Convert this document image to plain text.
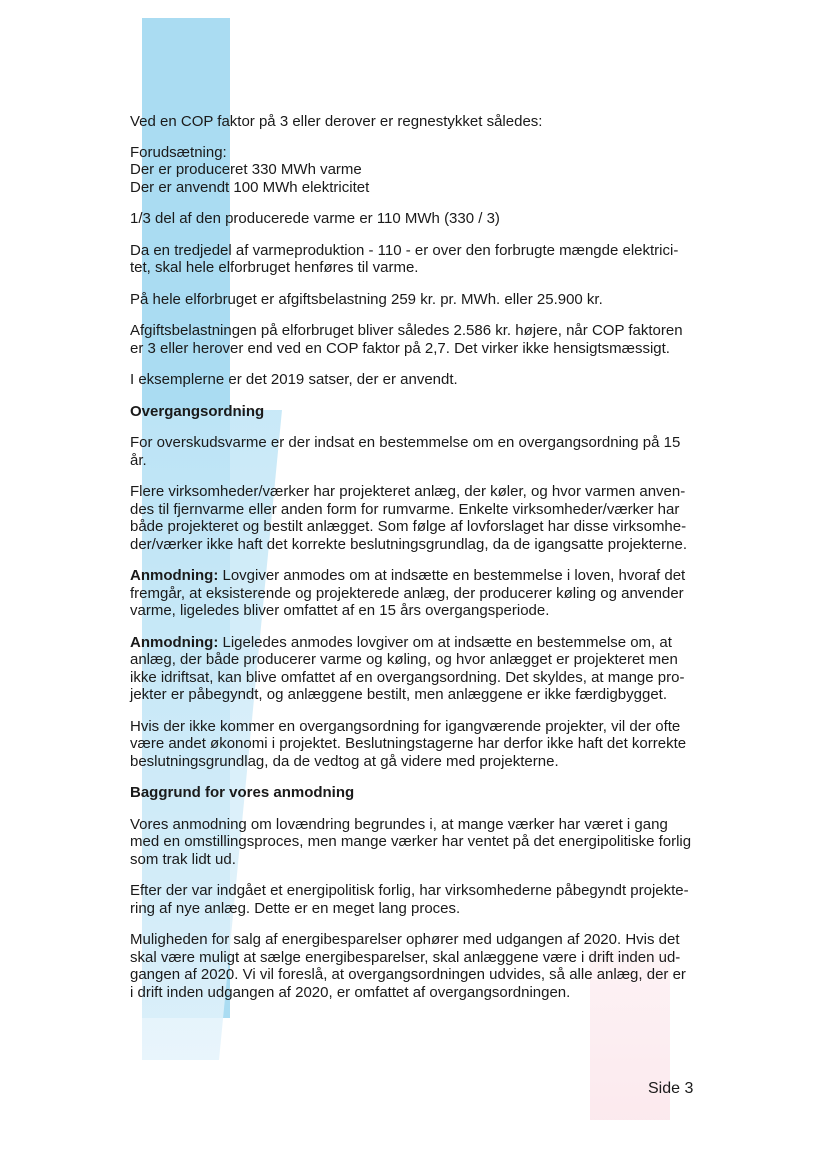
Ved en COP faktor på 3 eller derover er regnestykket således:

Forudsætning:

Der er produceret 330 MWh varme

Der er anvendt 100 MWh elektricitet

1/3 del af den producerede varme er 110 MWh (330 / 3)

Da en tredjedel af varmeproduktion - 110 - er over den forbrugte mængde elektrici-

tet, skal hele elforbruget henføres til varme.

På hele elforbruget er afgiftsbelastning 259 kr. pr. MWh. eller 25.900 kr.

Afgiftsbelastningen på elforbruget bliver således 2.586 kr. højere, når COP faktoren

er 3 eller herover end ved en COP faktor på 2,7. Det virker ikke hensigtsmæssigt.

I eksemplerne er det 2019 satser, der er anvendt.

Overgangsordning

For overskudsvarme er der indsat en bestemmelse om en overgangsordning på 15

år.

Flere virksomheder/værker har projekteret anlæg, der køler, og hvor varmen anven-

des til fjernvarme eller anden form for rumvarme. Enkelte virksomheder/værker har

både projekteret og bestilt anlægget. Som følge af lovforslaget har disse virksomhe-

der/værker ikke haft det korrekte beslutningsgrundlag, da de igangsatte projekterne.

Anmodning: Lovgiver anmodes om at indsætte en bestemmelse i loven, hvoraf det

fremgår, at eksisterende og projekterede anlæg, der producerer køling og anvender

varme, ligeledes bliver omfattet af en 15 års overgangsperiode.

Anmodning: Ligeledes anmodes lovgiver om at indsætte en bestemmelse om, at

anlæg, der både producerer varme og køling, og hvor anlægget er projekteret men

ikke idriftsat, kan blive omfattet af en overgangsordning. Det skyldes, at mange pro-

jekter er påbegyndt, og anlæggene bestilt, men anlæggene er ikke færdigbygget.

Hvis der ikke kommer en overgangsordning for igangværende projekter, vil der ofte

være andet økonomi i projektet. Beslutningstagerne har derfor ikke haft det korrekte

beslutningsgrundlag, da de vedtog at gå videre med projekterne.

Baggrund for vores anmodning

Vores anmodning om lovændring begrundes i, at mange værker har været i gang

med en omstillingsproces, men mange værker har ventet på det energipolitiske forlig

som trak lidt ud.

Efter der var indgået et energipolitisk forlig, har virksomhederne påbegyndt projekte-

ring af nye anlæg. Dette er en meget lang proces.

Muligheden for salg af energibesparelser ophører med udgangen af 2020. Hvis det

skal være muligt at sælge energibesparelser, skal anlæggene være i drift inden ud-

gangen af 2020. Vi vil foreslå, at overgangsordningen udvides, så alle anlæg, der er

i drift inden udgangen af 2020, er omfattet af overgangsordningen.

Side 3
